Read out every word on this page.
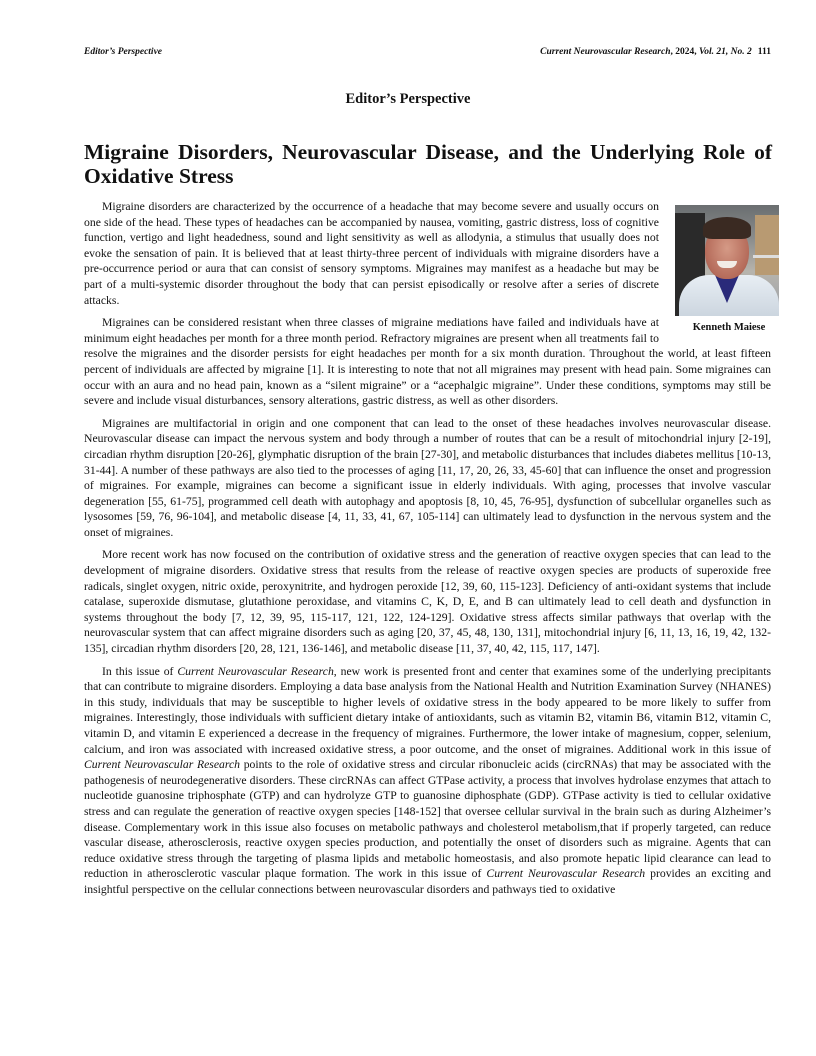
Editor’s Perspective	Current Neurovascular Research, 2024, Vol. 21, No. 2 111
Editor’s Perspective
Migraine Disorders, Neurovascular Disease, and the Underlying Role of Oxidative Stress
Kenneth Maiese

Migraine disorders are characterized by the occurrence of a headache that may become severe and usually occurs on one side of the head. These types of headaches can be accompanied by nausea, vomiting, gastric distress, loss of cognitive function, vertigo and light headedness, sound and light sensitivity as well as allodynia, a stimulus that usually does not evoke the sensation of pain. It is believed that at least thirty-three percent of individuals with migraine disorders have a pre-occurrence period or aura that can consist of sensory symptoms. Migraines may manifest as a headache but may be part of a multi-systemic disorder throughout the body that can persist episodically or resolve after a series of discrete attacks.

Migraines can be considered resistant when three classes of migraine mediations have failed and individuals have at minimum eight headaches per month for a three month period. Refractory migraines are present when all treatments fail to resolve the migraines and the disorder persists for eight headaches per month for a six month duration. Throughout the world, at least fifteen percent of individuals are affected by migraine [1]. It is interesting to note that not all migraines may present with head pain. Some migraines can occur with an aura and no head pain, known as a “silent migraine” or a “acephalgic migraine”. Under these conditions, symptoms may still be severe and include visual disturbances, sensory alterations, gastric distress, as well as other disorders.

Migraines are multifactorial in origin and one component that can lead to the onset of these headaches involves neurovascular disease. Neurovascular disease can impact the nervous system and body through a number of routes that can be a result of mitochondrial injury [2-19], circadian rhythm disruption [20-26], glymphatic disruption of the brain [27-30], and metabolic disturbances that includes diabetes mellitus [10-13, 31-44]. A number of these pathways are also tied to the processes of aging [11, 17, 20, 26, 33, 45-60] that can influence the onset and progression of migraines. For example, migraines can become a significant issue in elderly individuals. With aging, processes that involve vascular degeneration [55, 61-75], programmed cell death with autophagy and apoptosis [8, 10, 45, 76-95], dysfunction of subcellular organelles such as lysosomes [59, 76, 96-104], and metabolic disease [4, 11, 33, 41, 67, 105-114] can ultimately lead to dysfunction in the nervous system and the onset of migraines.

More recent work has now focused on the contribution of oxidative stress and the generation of reactive oxygen species that can lead to the development of migraine disorders. Oxidative stress that results from the release of reactive oxygen species are products of superoxide free radicals, singlet oxygen, nitric oxide, peroxynitrite, and hydrogen peroxide [12, 39, 60, 115-123]. Deficiency of anti-oxidant systems that include catalase, superoxide dismutase, glutathione peroxidase, and vitamins C, K, D, E, and B can ultimately lead to cell death and dysfunction in systems throughout the body [7, 12, 39, 95, 115-117, 121, 122, 124-129]. Oxidative stress affects similar pathways that overlap with the neurovascular system that can affect migraine disorders such as aging [20, 37, 45, 48, 130, 131], mitochondrial injury [6, 11, 13, 16, 19, 42, 132-135], circadian rhythm disorders [20, 28, 121, 136-146], and metabolic disease [11, 37, 40, 42, 115, 117, 147].

In this issue of Current Neurovascular Research, new work is presented front and center that examines some of the underlying precipitants that can contribute to migraine disorders. Employing a data base analysis from the National Health and Nutrition Examination Survey (NHANES) in this study, individuals that may be susceptible to higher levels of oxidative stress in the body appeared to be more likely to suffer from migraines. Interestingly, those individuals with sufficient dietary intake of antioxidants, such as vitamin B2, vitamin B6, vitamin B12, vitamin C, vitamin D, and vitamin E experienced a decrease in the frequency of migraines. Furthermore, the lower intake of magnesium, copper, selenium, calcium, and iron was associated with increased oxidative stress, a poor outcome, and the onset of migraines. Additional work in this issue of Current Neurovascular Research points to the role of oxidative stress and circular ribonucleic acids (circRNAs) that may be associated with the pathogenesis of neurodegenerative disorders. These circRNAs can affect GTPase activity, a process that involves hydrolase enzymes that attach to nucleotide guanosine triphosphate (GTP) and can hydrolyze GTP to guanosine diphosphate (GDP). GTPase activity is tied to cellular oxidative stress and can regulate the generation of reactive oxygen species [148-152] that oversee cellular survival in the brain such as during Alzheimer’s disease. Complementary work in this issue also focuses on metabolic pathways and cholesterol metabolism,that if properly targeted, can reduce vascular disease, atherosclerosis, reactive oxygen species production, and potentially the onset of disorders such as migraine. Agents that can reduce oxidative stress through the targeting of plasma lipids and metabolic homeostasis, and also promote hepatic lipid clearance can lead to reduction in atherosclerotic vascular plaque formation. The work in this issue of Current Neurovascular Research provides an exciting and insightful perspective on the cellular connections between neurovascular disorders and pathways tied to oxidative
